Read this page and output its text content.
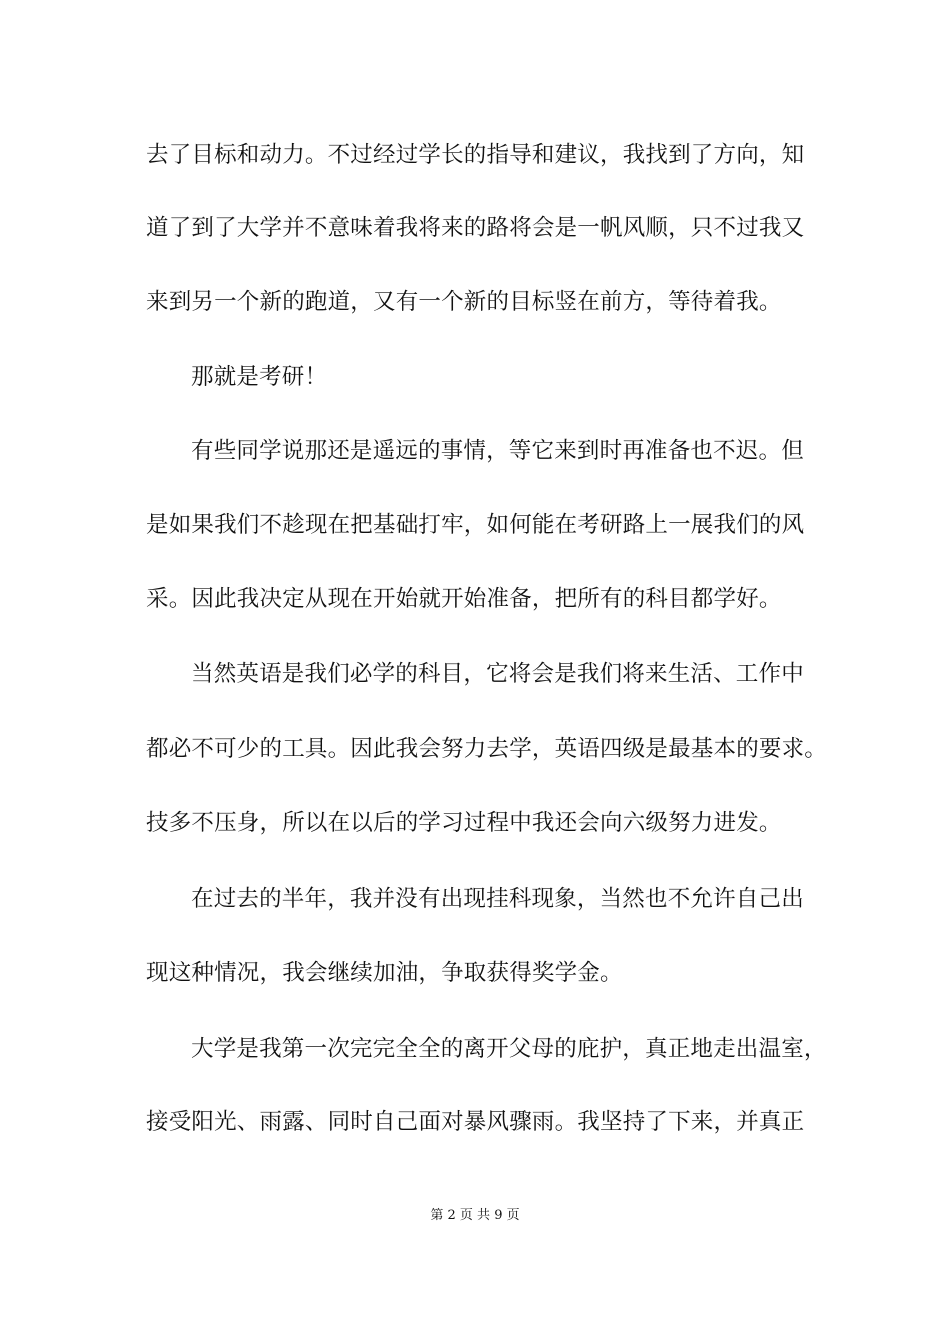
去了目标和动力。不过经过学长的指导和建议，我找到了方向，知
道了到了大学并不意味着我将来的路将会是一帆风顺，只不过我又
来到另一个新的跑道，又有一个新的目标竖在前方，等待着我。
那就是考研！
有些同学说那还是遥远的事情，等它来到时再准备也不迟。但
是如果我们不趁现在把基础打牢，如何能在考研路上一展我们的风
采。因此我决定从现在开始就开始准备，把所有的科目都学好。
当然英语是我们必学的科目，它将会是我们将来生活、工作中
都必不可少的工具。因此我会努力去学，英语四级是最基本的要求。
技多不压身，所以在以后的学习过程中我还会向六级努力进发。
在过去的半年，我并没有出现挂科现象，当然也不允许自己出
现这种情况，我会继续加油，争取获得奖学金。
大学是我第一次完完全全的离开父母的庇护，真正地走出温室，
接受阳光、雨露、同时自己面对暴风骤雨。我坚持了下来，并真正
第 2 页 共 9 页
